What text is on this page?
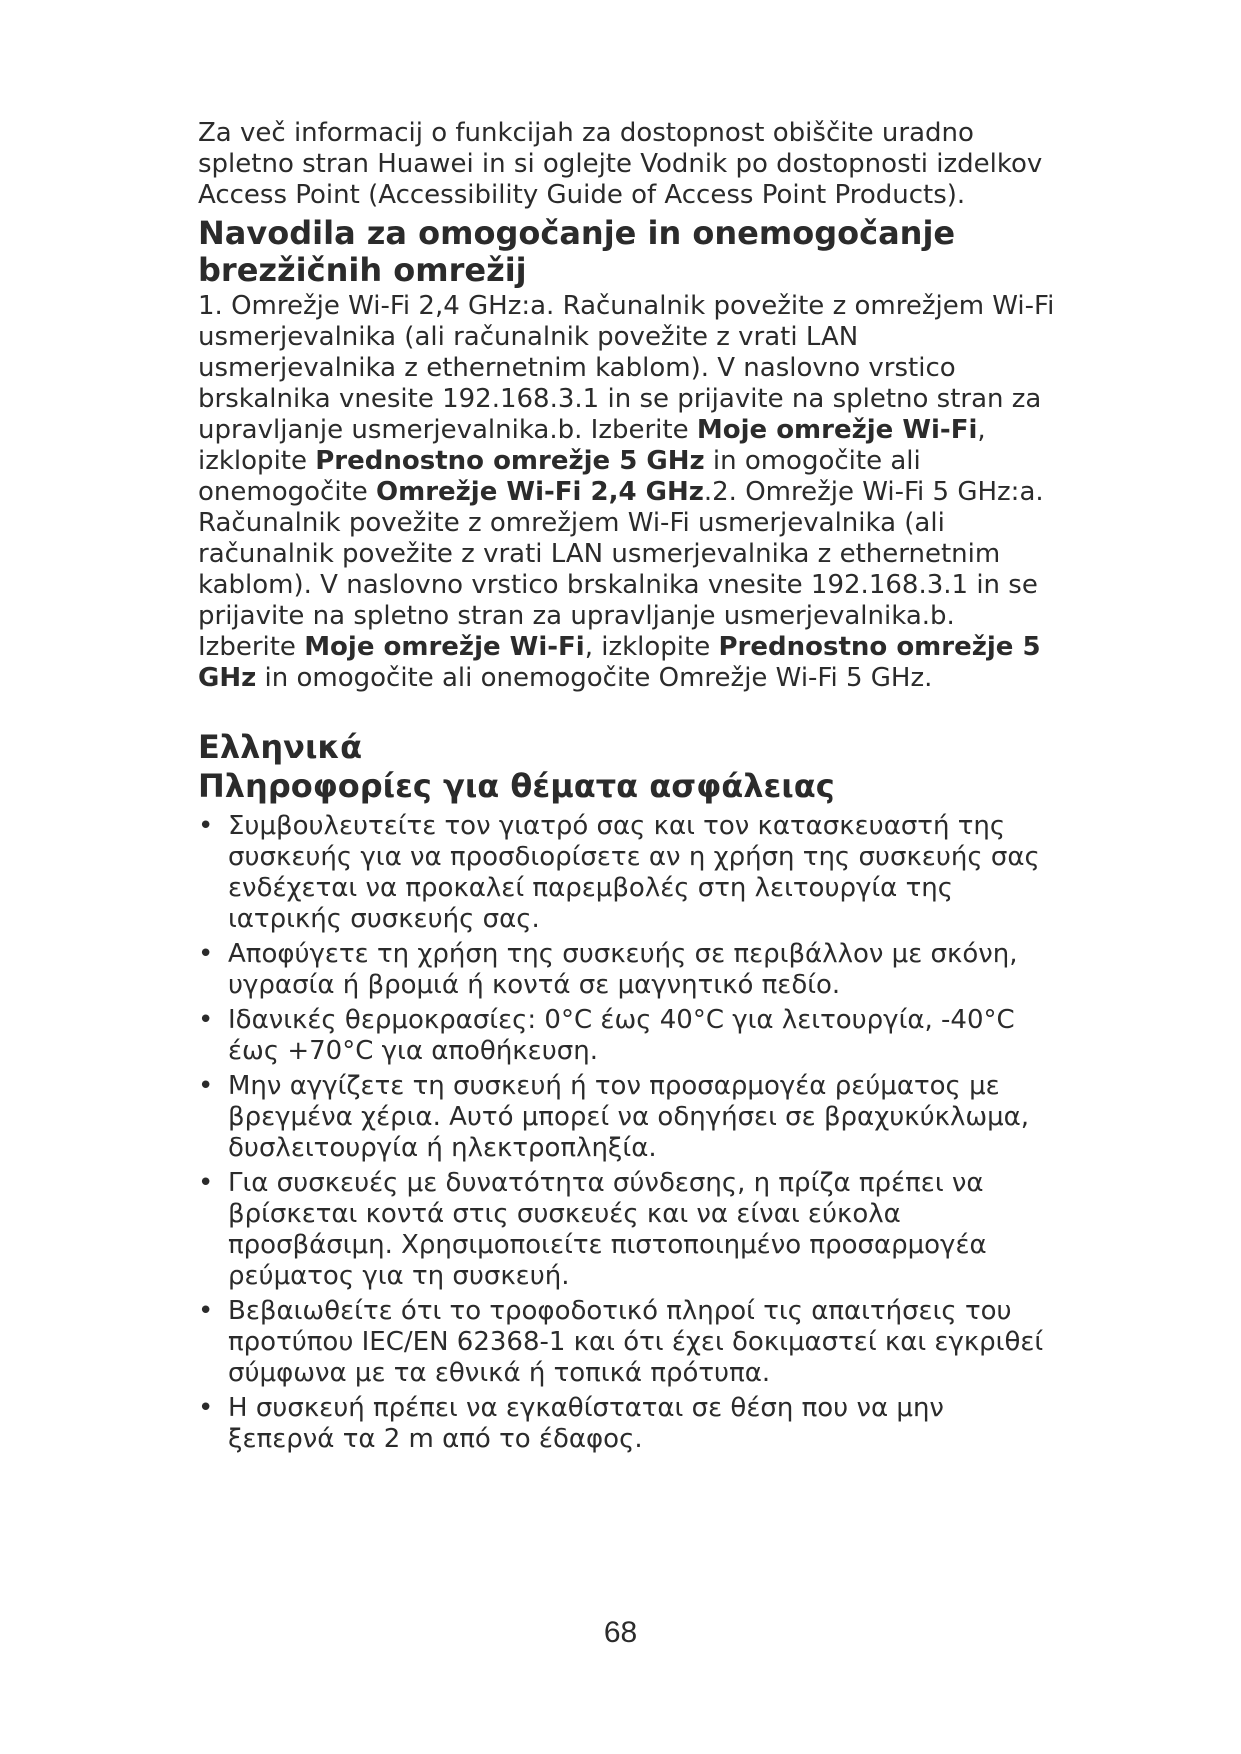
Za več informacij o funkcijah za dostopnost obiščite uradno spletno stran Huawei in si oglejte Vodnik po dostopnosti izdelkov Access Point (Accessibility Guide of Access Point Products).

Navodila za omogočanje in onemogočanje brezžičnih omrežij

1. Omrežje Wi-Fi 2,4 GHz:a. Računalnik povežite z omrežjem Wi-Fi usmerjevalnika (ali računalnik povežite z vrati LAN usmerjevalnika z ethernetnim kablom). V naslovno vrstico brskalnika vnesite 192.168.3.1 in se prijavite na spletno stran za upravljanje usmerjevalnika.b. Izberite Moje omrežje Wi-Fi, izklopite Prednostno omrežje 5 GHz in omogočite ali onemogočite Omrežje Wi-Fi 2,4 GHz.2. Omrežje Wi-Fi 5 GHz:a. Računalnik povežite z omrežjem Wi-Fi usmerjevalnika (ali računalnik povežite z vrati LAN usmerjevalnika z ethernetnim kablom). V naslovno vrstico brskalnika vnesite 192.168.3.1 in se prijavite na spletno stran za upravljanje usmerjevalnika.b. Izberite Moje omrežje Wi-Fi, izklopite Prednostno omrežje 5 GHz in omogočite ali onemogočite Omrežje Wi-Fi 5 GHz.

Ελληνικά
Πληροφορίες για θέματα ασφάλειας
• Συμβουλευτείτε τον γιατρό σας και τον κατασκευαστή της συσκευής για να προσδιορίσετε αν η χρήση της συσκευής σας ενδέχεται να προκαλεί παρεμβολές στη λειτουργία της ιατρικής συσκευής σας.
• Αποφύγετε τη χρήση της συσκευής σε περιβάλλον με σκόνη, υγρασία ή βρομιά ή κοντά σε μαγνητικό πεδίο.
• Ιδανικές θερμοκρασίες: 0°C έως 40°C για λειτουργία, -40°C έως +70°C για αποθήκευση.
• Μην αγγίζετε τη συσκευή ή τον προσαρμογέα ρεύματος με βρεγμένα χέρια. Αυτό μπορεί να οδηγήσει σε βραχυκύκλωμα, δυσλειτουργία ή ηλεκτροπληξία.
• Για συσκευές με δυνατότητα σύνδεσης, η πρίζα πρέπει να βρίσκεται κοντά στις συσκευές και να είναι εύκολα προσβάσιμη. Χρησιμοποιείτε πιστοποιημένο προσαρμογέα ρεύματος για τη συσκευή.
• Βεβαιωθείτε ότι το τροφοδοτικό πληροί τις απαιτήσεις του προτύπου IEC/EN 62368-1 και ότι έχει δοκιμαστεί και εγκριθεί σύμφωνα με τα εθνικά ή τοπικά πρότυπα.
• Η συσκευή πρέπει να εγκαθίσταται σε θέση που να μην ξεπερνά τα 2 m από το έδαφος.
68
